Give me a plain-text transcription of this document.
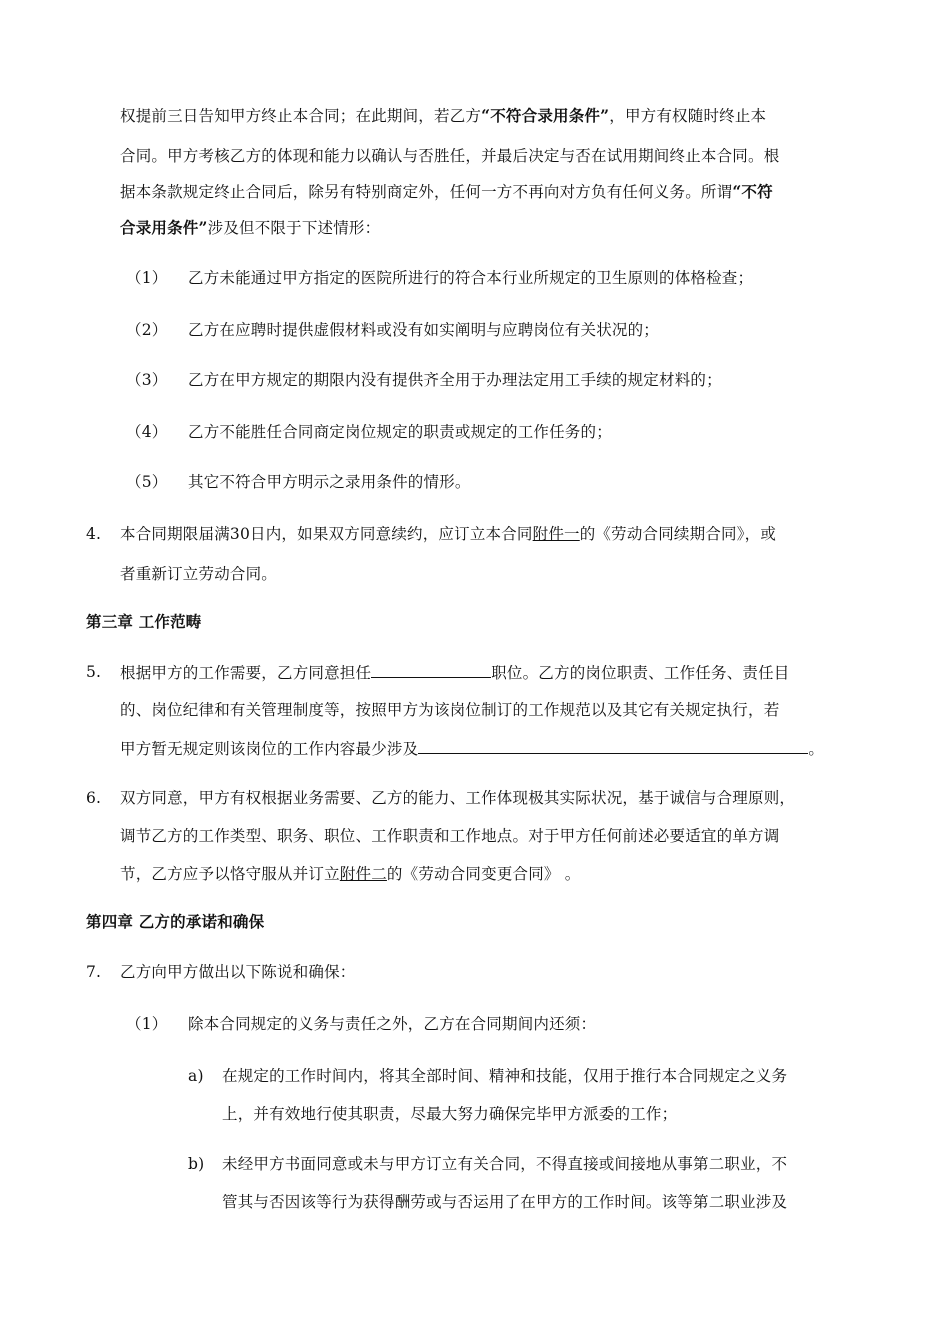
权提前三日告知甲方终止本合同；在此期间，若乙方“不符合录用条件”，甲方有权随时终止本
合同。甲方考核乙方的体现和能力以确认与否胜任，并最后决定与否在试用期间终止本合同。根
据本条款规定终止合同后，除另有特别商定外，任何一方不再向对方负有任何义务。所谓“不符
合录用条件”涉及但不限于下述情形：
（1） 乙方未能通过甲方指定的医院所进行的符合本行业所规定的卫生原则的体格检查；
（2） 乙方在应聘时提供虚假材料或没有如实阐明与应聘岗位有关状况的；
（3） 乙方在甲方规定的期限内没有提供齐全用于办理法定用工手续的规定材料的；
（4） 乙方不能胜任合同商定岗位规定的职责或规定的工作任务的；
（5） 其它不符合甲方明示之录用条件的情形。
4. 本合同期限届满30日内，如果双方同意续约，应订立本合同附件一的《劳动合同续期合同》，或
者重新订立劳动合同。
第三章 工作范畴
5. 根据甲方的工作需要，乙方同意担任	职位。乙方的岗位职责、工作任务、责任目
的、岗位纪律和有关管理制度等，按照甲方为该岗位制订的工作规范以及其它有关规定执行，若
甲方暂无规定则该岗位的工作内容最少涉及	。
6. 双方同意，甲方有权根据业务需要、乙方的能力、工作体现极其实际状况，基于诚信与合理原则，
调节乙方的工作类型、职务、职位、工作职责和工作地点。对于甲方任何前述必要适宜的单方调
节，乙方应予以恪守服从并订立附件二的《劳动合同变更合同》 。
第四章 乙方的承诺和确保
7. 乙方向甲方做出以下陈说和确保：
（1） 除本合同规定的义务与责任之外，乙方在合同期间内还须：
a) 在规定的工作时间内，将其全部时间、精神和技能，仅用于推行本合同规定之义务
上，并有效地行使其职责，尽最大努力确保完毕甲方派委的工作；
b) 未经甲方书面同意或未与甲方订立有关合同，不得直接或间接地从事第二职业，不
管其与否因该等行为获得酬劳或与否运用了在甲方的工作时间。该等第二职业涉及
